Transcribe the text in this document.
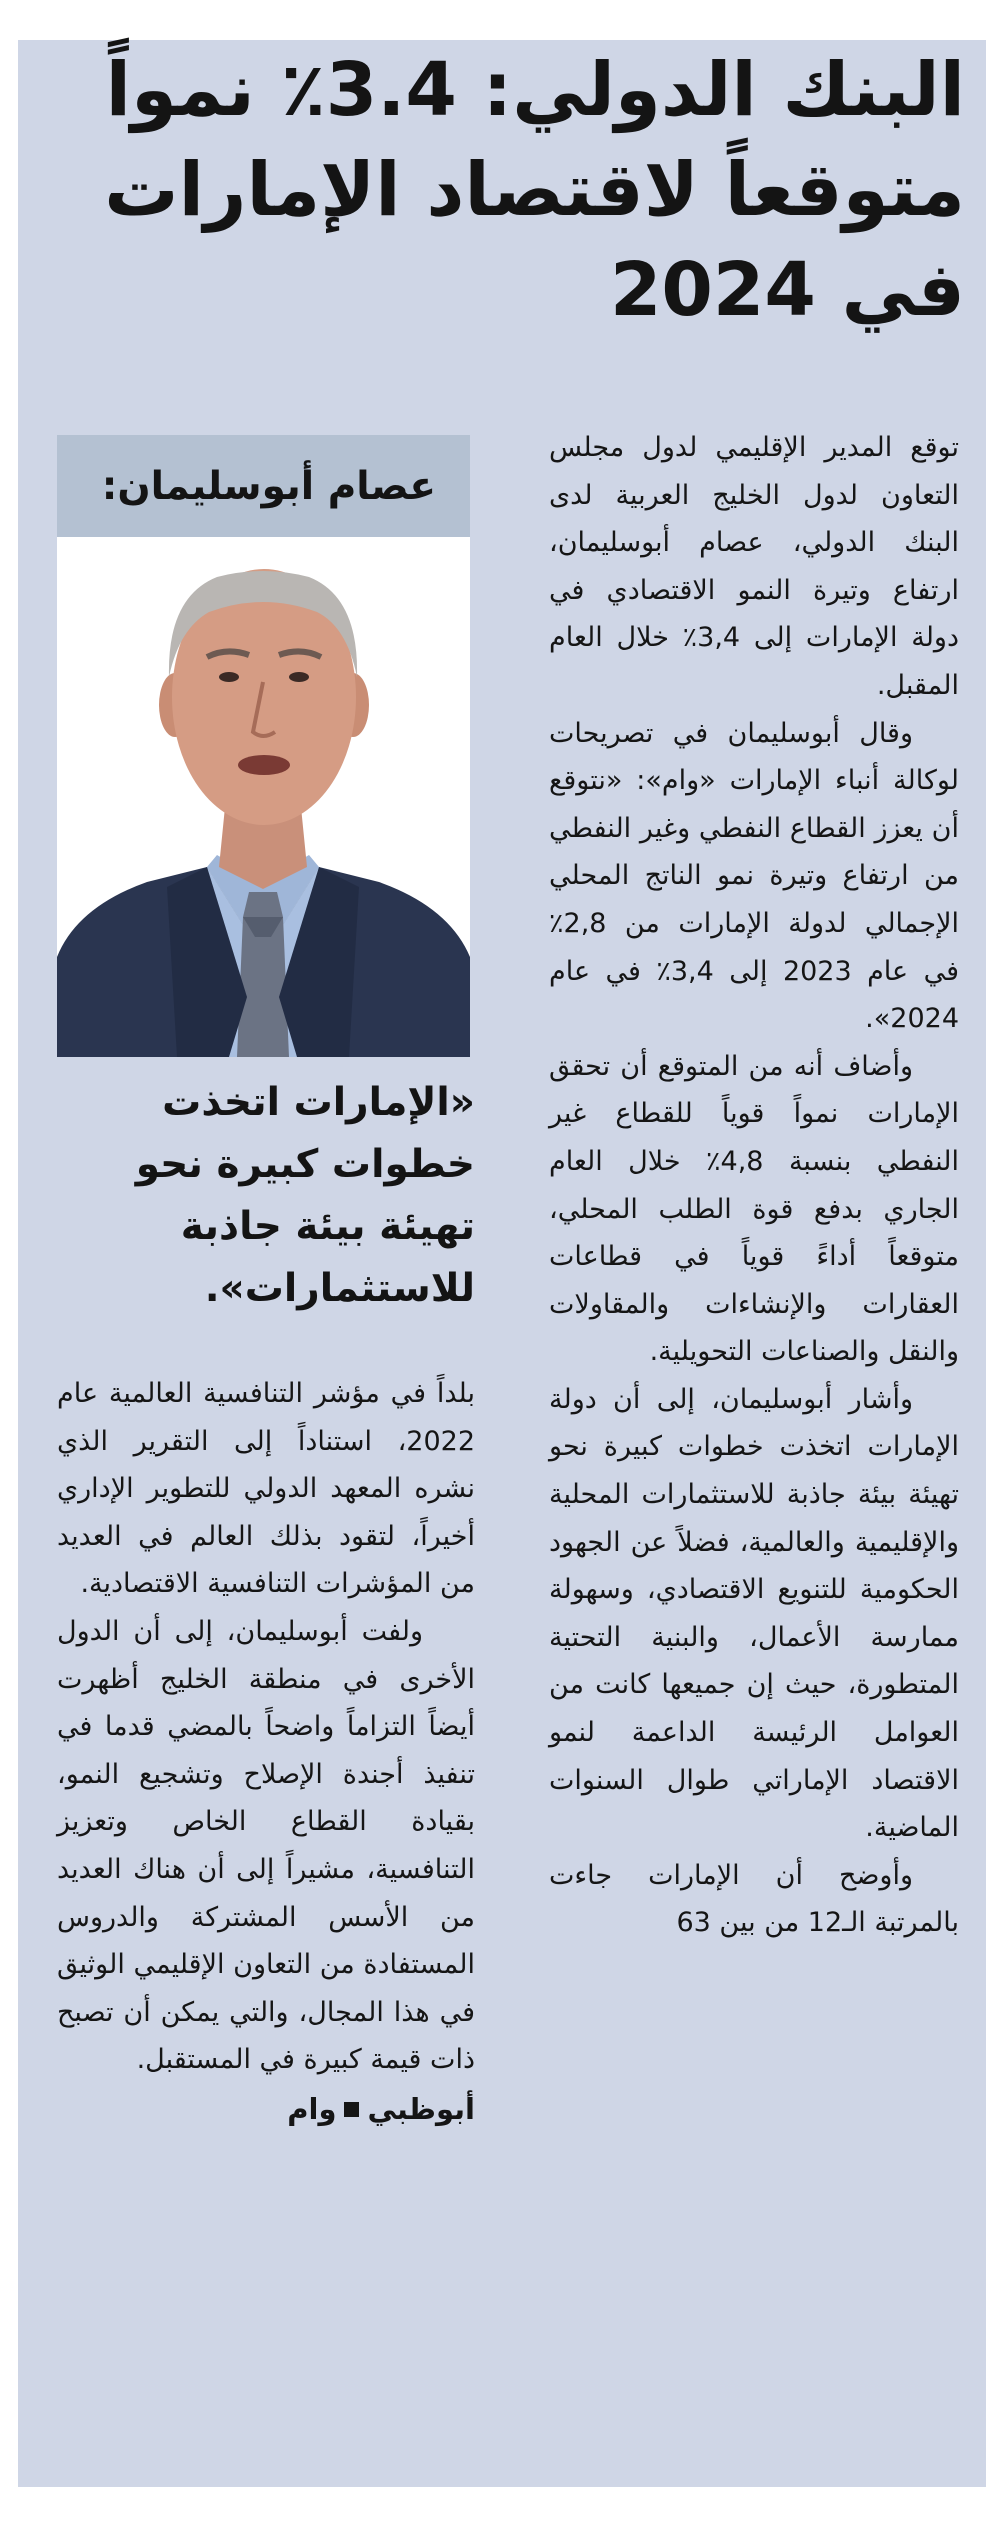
البنك الدولي: 3.4٪ نمواً متوقعاً لاقتصاد الإمارات في 2024

توقع المدير الإقليمي لدول مجلس التعاون لدول الخليج العربية لدى البنك الدولي، عصام أبوسليمان، ارتفاع وتيرة النمو الاقتصادي في دولة الإمارات إلى 3,4٪ خلال العام المقبل.

وقال أبوسليمان في تصريحات لوكالة أنباء الإمارات «وام»: «نتوقع أن يعزز القطاع النفطي وغير النفطي من ارتفاع وتيرة نمو الناتج المحلي الإجمالي لدولة الإمارات من 2,8٪ في عام 2023 إلى 3,4٪ في عام 2024».

وأضاف أنه من المتوقع أن تحقق الإمارات نمواً قوياً للقطاع غير النفطي بنسبة 4,8٪ خلال العام الجاري بدفع قوة الطلب المحلي، متوقعاً أداءً قوياً في قطاعات العقارات والإنشاءات والمقاولات والنقل والصناعات التحويلية.

وأشار أبوسليمان، إلى أن دولة الإمارات اتخذت خطوات كبيرة نحو تهيئة بيئة جاذبة للاستثمارات المحلية والإقليمية والعالمية، فضلاً عن الجهود الحكومية للتنويع الاقتصادي، وسهولة ممارسة الأعمال، والبنية التحتية المتطورة، حيث إن جميعها كانت من العوامل الرئيسة الداعمة لنمو الاقتصاد الإماراتي طوال السنوات الماضية.

وأوضح أن الإمارات جاءت بالمرتبة الـ12 من بين 63

عصام أبوسليمان:
«الإمارات اتخذت خطوات كبيرة نحو تهيئة بيئة جاذبة للاستثمارات».

بلداً في مؤشر التنافسية العالمية عام 2022، استناداً إلى التقرير الذي نشره المعهد الدولي للتطوير الإداري أخيراً، لتقود بذلك العالم في العديد من المؤشرات التنافسية الاقتصادية.

ولفت أبوسليمان، إلى أن الدول الأخرى في منطقة الخليج أظهرت أيضاً التزاماً واضحاً بالمضي قدما في تنفيذ أجندة الإصلاح وتشجيع النمو، بقيادة القطاع الخاص وتعزيز التنافسية، مشيراً إلى أن هناك العديد من الأسس المشتركة والدروس المستفادة من التعاون الإقليمي الوثيق في هذا المجال، والتي يمكن أن تصبح ذات قيمة كبيرة في المستقبل.

أبوظبيوام
